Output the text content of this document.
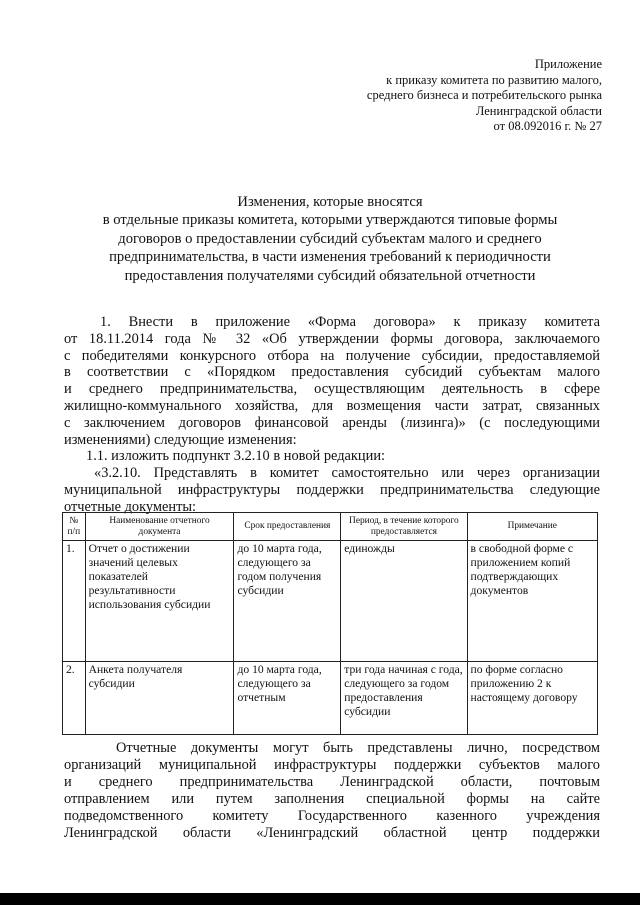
Приложение
к приказу комитета по развитию малого,
среднего бизнеса и потребительского рынка
Ленинградской области
от 08.092016 г. № 27
Изменения, которые вносятся
в отдельные приказы комитета, которыми утверждаются типовые формы
договоров о предоставлении субсидий субъектам малого и среднего
предпринимательства, в части изменения требований к периодичности
предоставления получателями субсидий обязательной отчетности
1. Внести в приложение «Форма договора» к приказу комитета
от 18.11.2014 года № 32 «Об утверждении формы договора, заключаемого
с победителями конкурсного отбора на получение субсидии, предоставляемой
в соответствии с «Порядком предоставления субсидий субъектам малого
и среднего предпринимательства, осуществляющим деятельность в сфере
жилищно-коммунального хозяйства, для возмещения части затрат, связанных
с заключением договоров финансовой аренды (лизинга)» (с последующими
изменениями) следующие изменения:
1.1. изложить подпункт 3.2.10 в новой редакции:
«3.2.10. Представлять в комитет самостоятельно или через организации
муниципальной инфраструктуры поддержки предпринимательства следующие
отчетные документы:
№ п/п	Наименование отчетного документа	Срок предоставления	Период, в течение которого предоставляется	Примечание
1.	Отчет о достижении значений целевых показателей результативности использования субсидии	до 10 марта года, следующего за годом получения субсидии	единожды	в свободной форме с приложением копий подтверждающих документов
2.	Анкета получателя субсидии	до 10 марта года, следующего за отчетным	три года начиная с года, следующего за годом предоставления субсидии	по форме согласно приложению 2 к настоящему договору
Отчетные документы могут быть представлены лично, посредством
организаций муниципальной инфраструктуры поддержки субъектов малого
и среднего предпринимательства Ленинградской области, почтовым
отправлением или путем заполнения специальной формы на сайте
подведомственного комитету Государственного казенного учреждения
Ленинградской области «Ленинградский областной центр поддержки
